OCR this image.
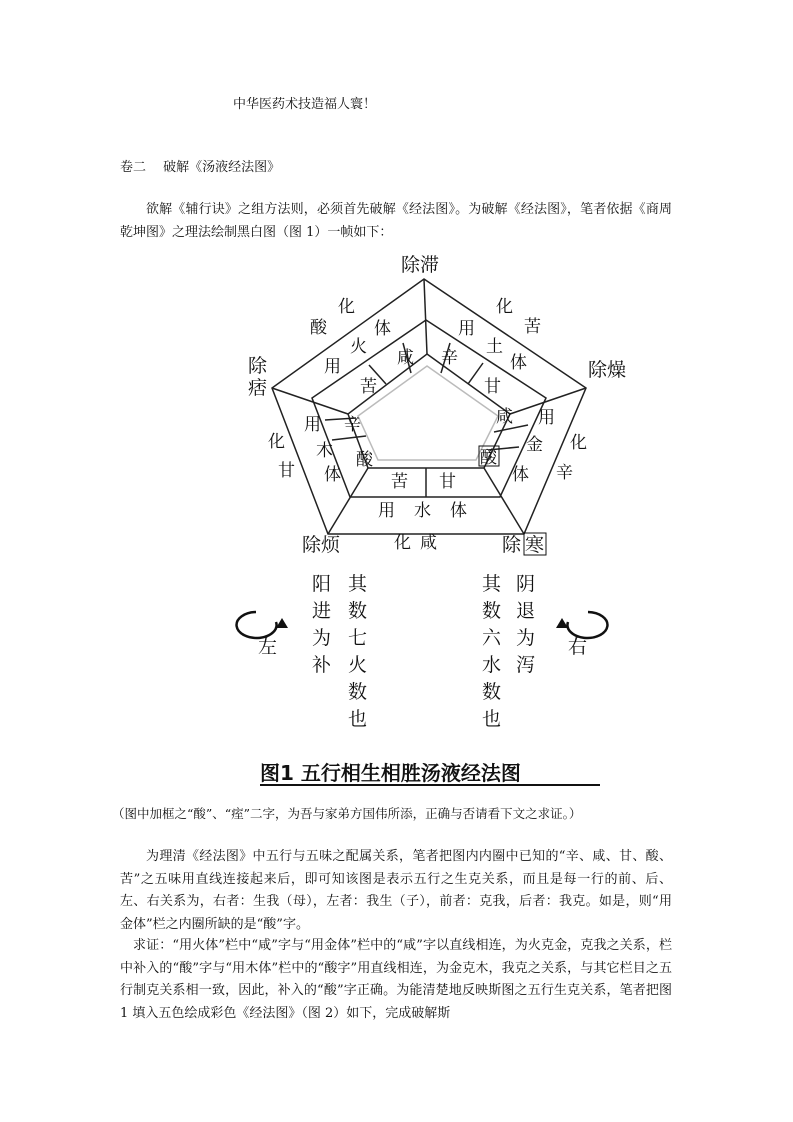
中华医药术技造福人寰！
卷二　 破解《汤液经法图》
欲解《辅行诀》之组方法则，必须首先破解《经法图》。为破解《经法图》，笔者依据《商周乾坤图》之理法绘制黑白图（图 1）一帧如下：
除滞
除燥
除 寒
除烦
除
痞
化
酸
化
苦
化
辛
化 咸
化
甘
体
火
用
用
土
体
用
金
体
用 水 体
用
木
体
咸 辛
甘
咸
酸
苦 甘
酸
辛
苦
阳
进
为
补
其
数
七
火
数
也
左
其
数
六
水
数
也
阴
退
为
泻
右
图1 五行相生相胜汤液经法图
（图中加框之“酸”、“痓”二字，为吾与家弟方国伟所添，正确与否请看下文之求证。）
为理清《经法图》中五行与五味之配属关系，笔者把图内内圈中已知的“辛、咸、甘、酸、苦”之五味用直线连接起来后，即可知该图是表示五行之生克关系，而且是每一行的前、后、左、右关系为，右者：生我（母），左者：我生（子），前者：克我，后者：我克。如是，则“用金体”栏之内圈所缺的是“酸”字。
求证：“用火体”栏中“咸”字与“用金体”栏中的“咸”字以直线相连，为火克金，克我之关系，栏中补入的“酸”字与“用木体”栏中的“酸字”用直线相连，为金克木，我克之关系，与其它栏目之五行制克关系相一致，因此，补入的“酸”字正确。为能清楚地反映斯图之五行生克关系，笔者把图 1 填入五色绘成彩色《经法图》（图 2）如下，完成破解斯
